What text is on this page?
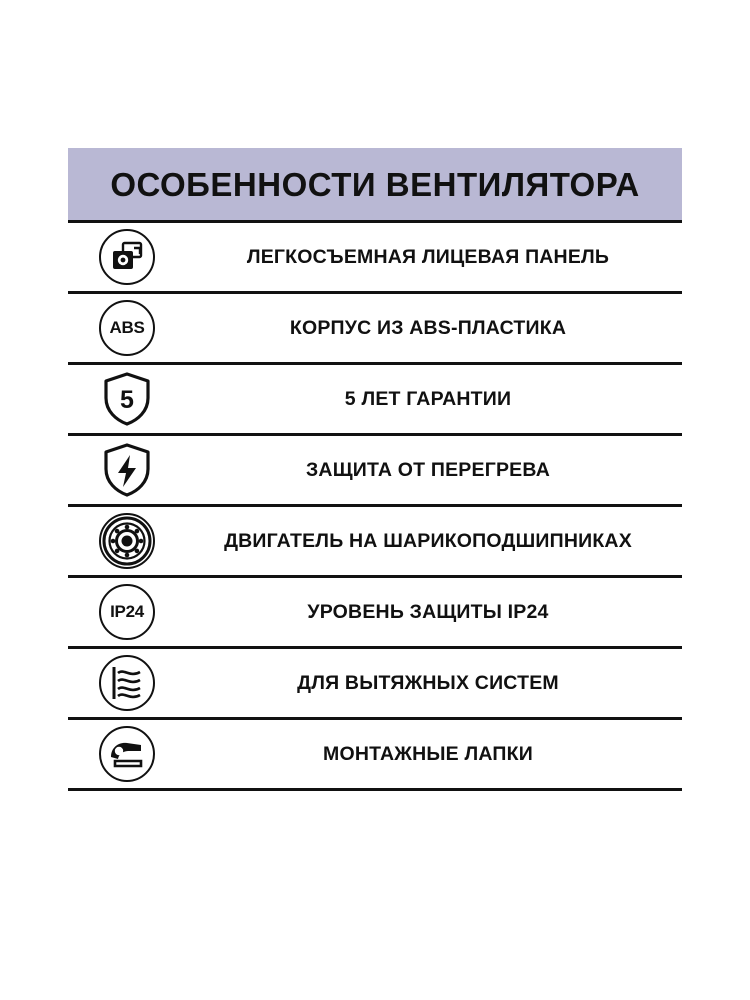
ОСОБЕННОСТИ ВЕНТИЛЯТОРА
ЛЕГКОСЪЕМНАЯ ЛИЦЕВАЯ ПАНЕЛЬ
ABS	КОРПУС ИЗ ABS-ПЛАСТИКА
5	5 ЛЕТ ГАРАНТИИ
ЗАЩИТА ОТ ПЕРЕГРЕВА
ДВИГАТЕЛЬ НА ШАРИКОПОДШИПНИКАХ
IP24	УРОВЕНЬ ЗАЩИТЫ IP24
ДЛЯ ВЫТЯЖНЫХ СИСТЕМ
МОНТАЖНЫЕ ЛАПКИ
